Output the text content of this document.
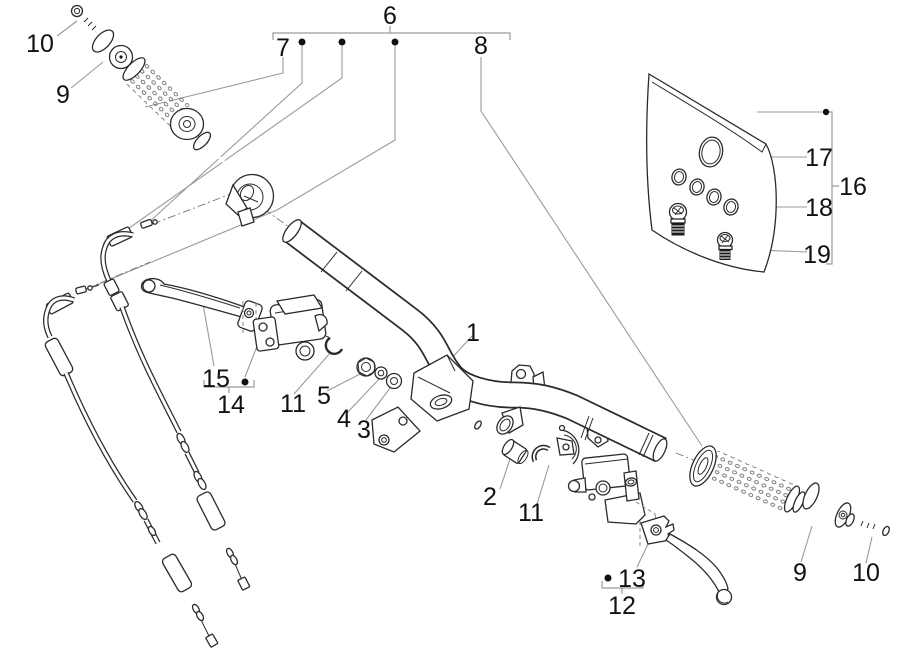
10
9
6
7	8
17
18
19
16
15
14 11 5
4 3
1
2
11
12
13	9 10
